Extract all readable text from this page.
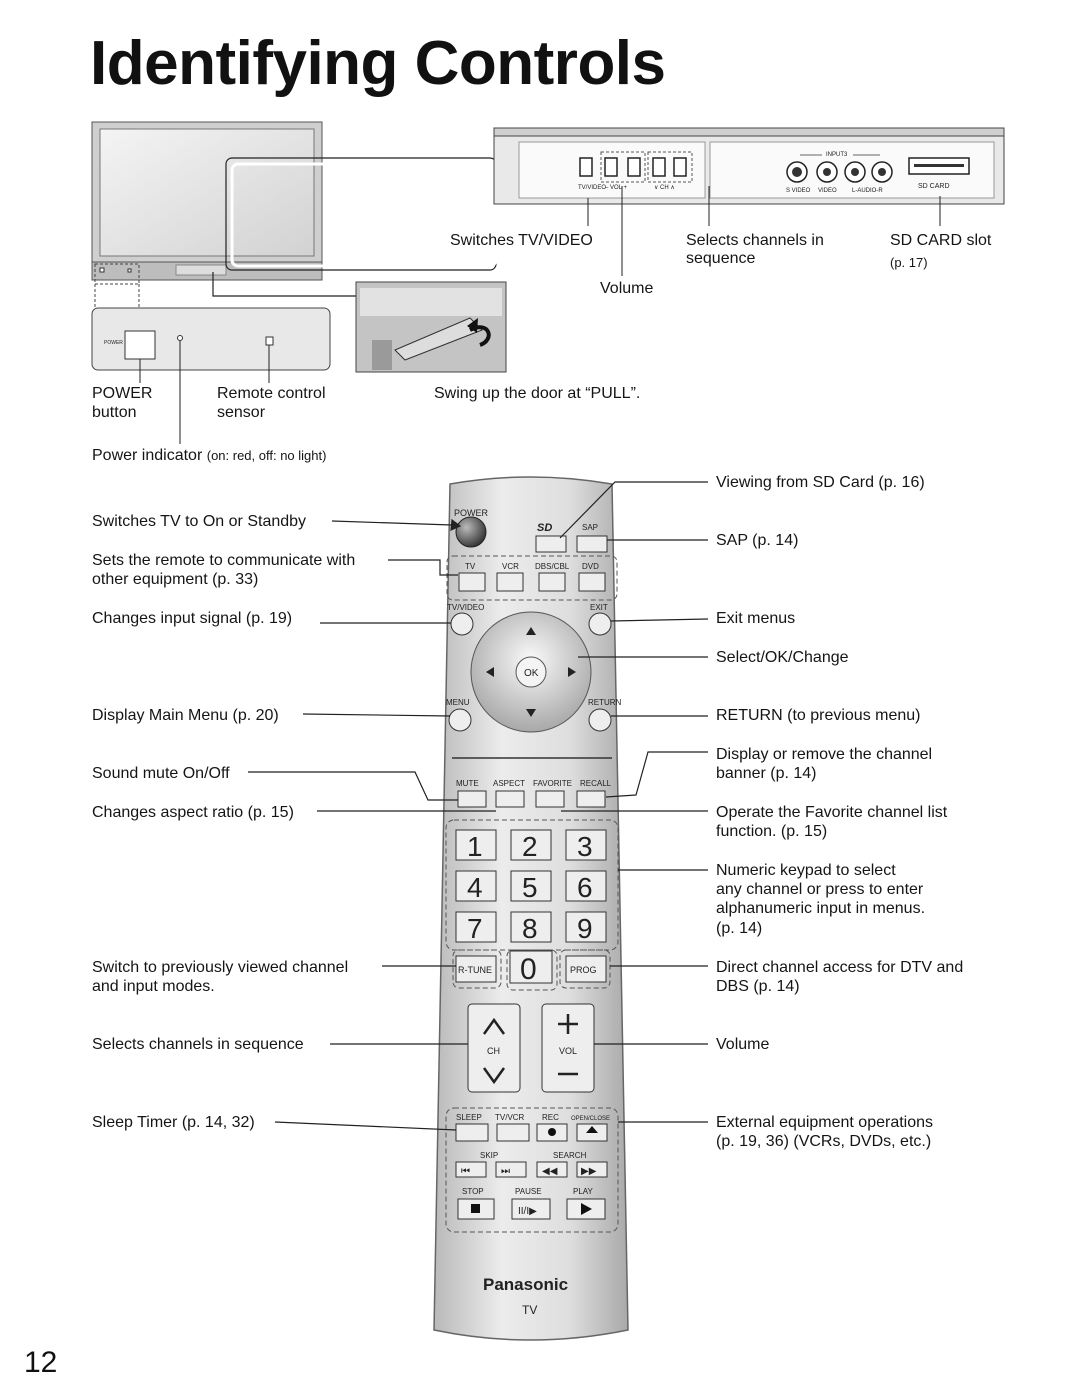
Identifying Controls
TV/VIDEO
– VOL +	∨ CH ∧
INPUT3
S VIDEO VIDEO	L-AUDIO-R
SD CARD
POWER
POWER
SD	SAP
TV	VCR DBS/CBL DVD
TV/VIDEO	EXIT
OK
MENU	RETURN
MUTE ASPECT FAVORITE RECALL
1 2 3
4 5 6
7 8 9
0
R-TUNE	PROG
CH	VOL
SLEEP TV/VCR REC OPEN/CLOSE
SKIP	SEARCH
⏮	⏭	◀◀ ▶▶
STOP	PAUSE	PLAY
II/I▶
Panasonic
TV
Switches TV/VIDEO
Volume
Selects channels in
sequence
SD CARD slot
(p. 17)
POWER
button
Remote control
sensor
Swing up the door at “PULL”.
Power indicator (on: red, off: no light)
Switches TV to On or Standby
Sets the remote to communicate with
other equipment (p. 33)
Changes input signal (p. 19)
Display Main Menu (p. 20)
Sound mute On/Off
Changes aspect ratio (p. 15)
Switch to previously viewed channel
and input modes.
Selects channels in sequence
Sleep Timer (p. 14, 32)
Viewing from SD Card (p. 16)
SAP (p. 14)
Exit menus
Select/OK/Change
RETURN (to previous menu)
Display or remove the channel
banner (p. 14)
Operate the Favorite channel list
function. (p. 15)
Numeric keypad to select
any channel or press to enter
alphanumeric input in menus.
(p. 14)
Direct channel access for DTV and
DBS (p. 14)
Volume
External equipment operations
(p. 19, 36) (VCRs, DVDs, etc.)
12
